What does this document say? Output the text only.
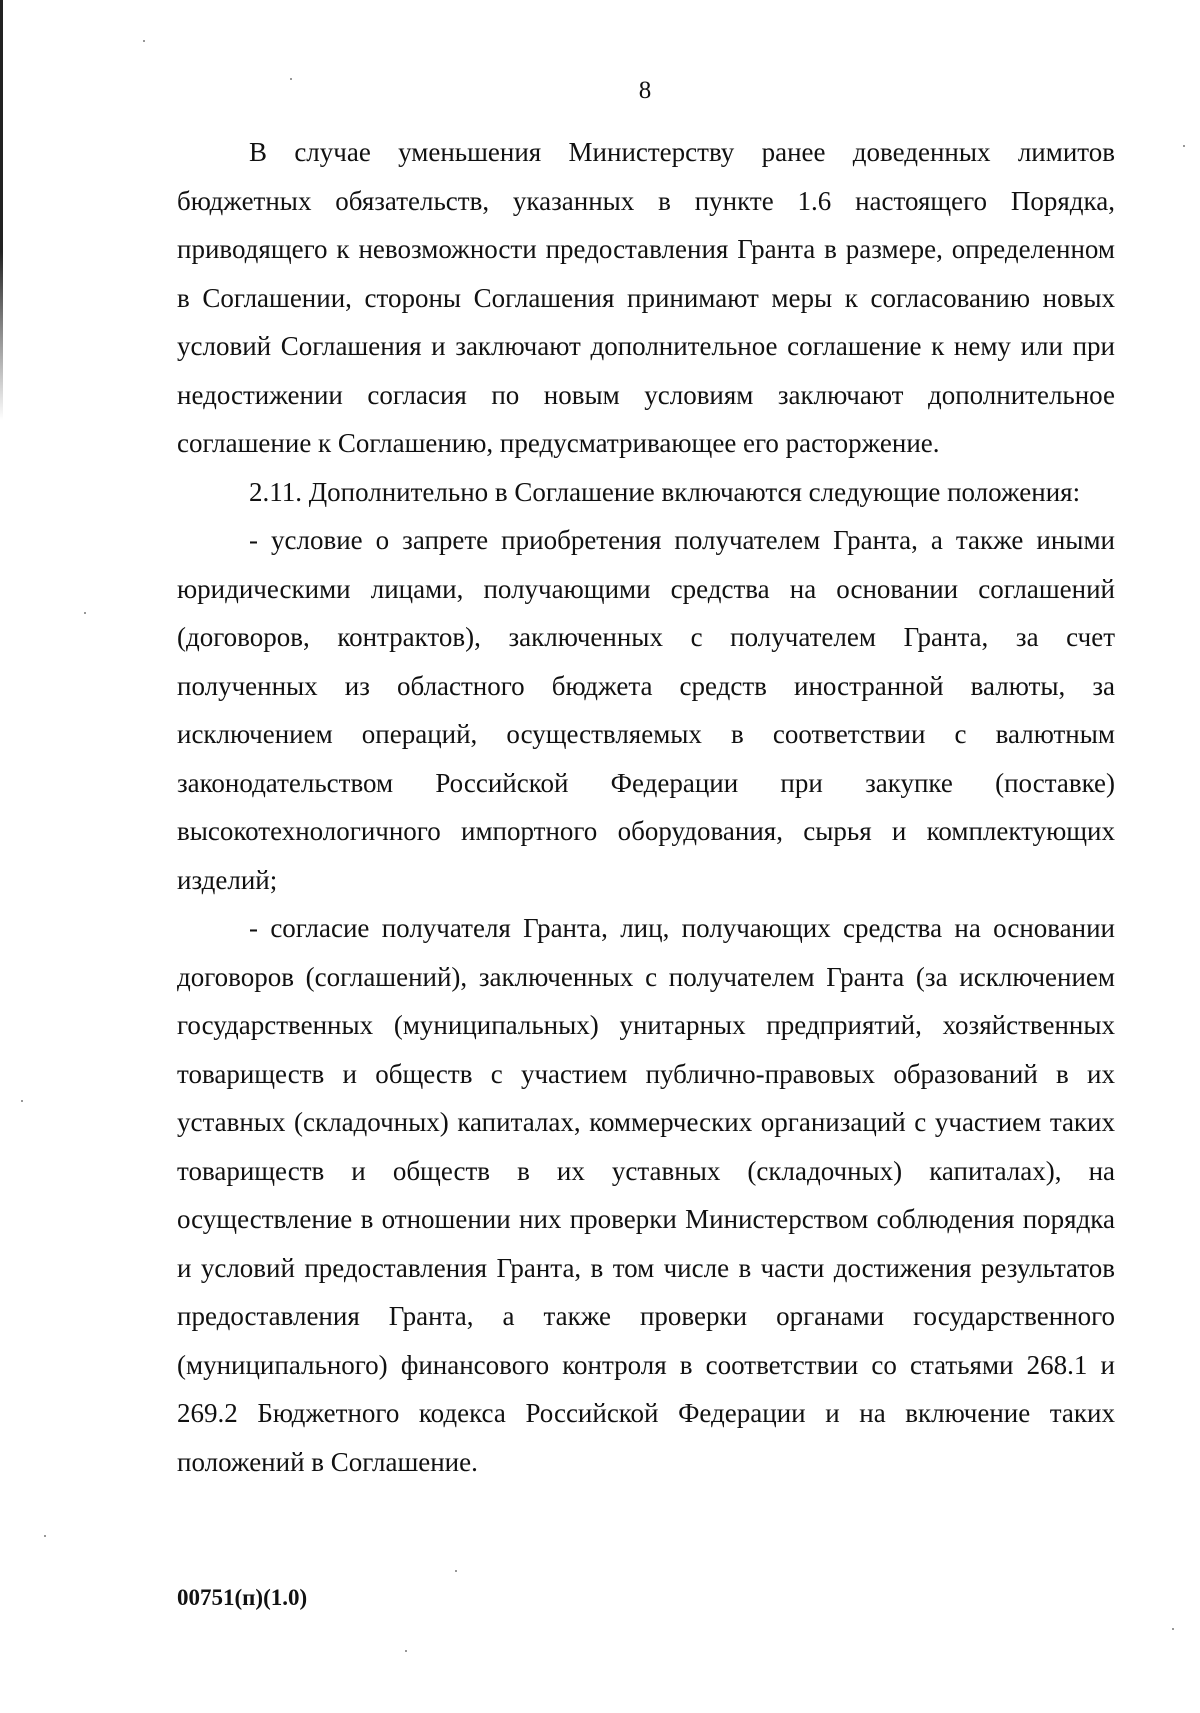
8

В случае уменьшения Министерству ранее доведенных лимитов бюджетных обязательств, указанных в пункте 1.6 настоящего Порядка, приводящего к невозможности предоставления Гранта в размере, определенном в Соглашении, стороны Соглашения принимают меры к согласованию новых условий Соглашения и заключают дополнительное соглашение к нему или при недостижении согласия по новым условиям заключают дополнительное соглашение к Соглашению, предусматривающее его расторжение.

2.11. Дополнительно в Соглашение включаются следующие положения:

- условие о запрете приобретения получателем Гранта, а также иными юридическими лицами, получающими средства на основании соглашений (договоров, контрактов), заключенных с получателем Гранта, за счет полученных из областного бюджета средств иностранной валюты, за исключением операций, осуществляемых в соответствии с валютным законодательством Российской Федерации при закупке (поставке) высокотехнологичного импортного оборудования, сырья и комплектующих изделий;

- согласие получателя Гранта, лиц, получающих средства на основании договоров (соглашений), заключенных с получателем Гранта (за исключением государственных (муниципальных) унитарных предприятий, хозяйственных товариществ и обществ с участием публично-правовых образований в их уставных (складочных) капиталах, коммерческих организаций с участием таких товариществ и обществ в их уставных (складочных) капиталах), на осуществление в отношении них проверки Министерством соблюдения порядка и условий предоставления Гранта, в том числе в части достижения результатов предоставления Гранта, а также проверки органами государственного (муниципального) финансового контроля в соответствии со статьями 268.1 и 269.2 Бюджетного кодекса Российской Федерации и на включение таких положений в Соглашение.

00751(п)(1.0)
